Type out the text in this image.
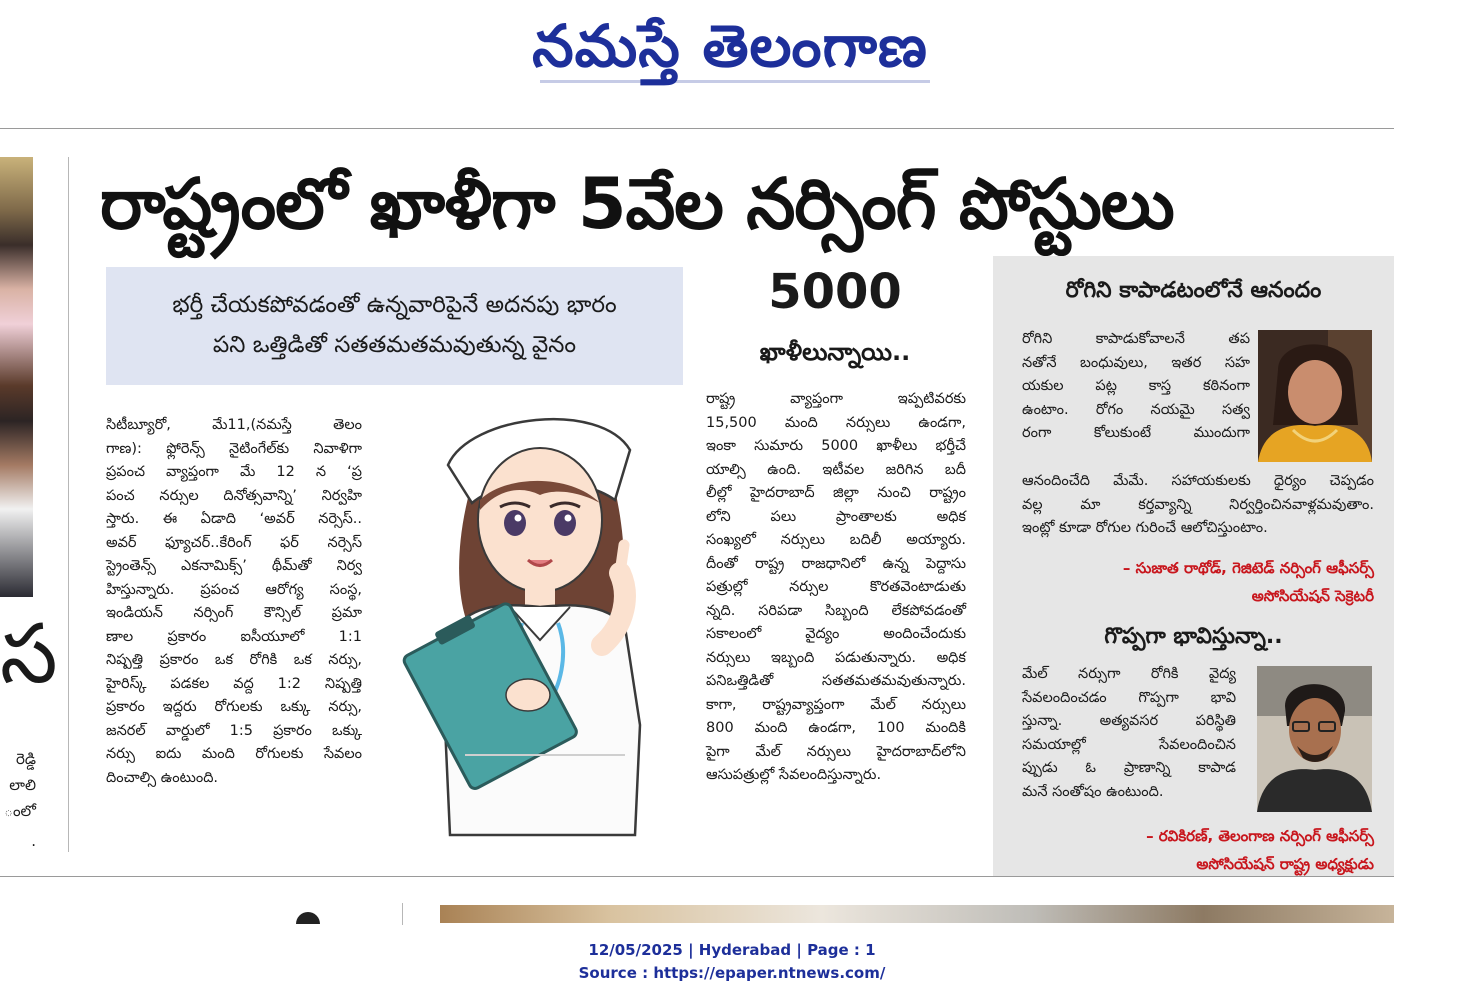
నమస్తే తెలంగాణ
స
రెడ్డి
లాలి
ంలో
.
రాష్ట్రంలో ఖాళీగా 5వేల నర్సింగ్ పోస్టులు
భర్తీ చేయకపోవడంతో ఉన్నవారిపైనే అదనపు భారం
పని ఒత్తిడితో సతతమతమవుతున్న వైనం
సిటీబ్యూరో, మే11,(నమస్తే తెలం
గాణ): ఫ్లోరెన్స్ నైటింగేల్‌కు నివాళిగా
ప్రపంచ వ్యాప్తంగా మే 12 న ‘ప్ర
పంచ నర్సుల దినోత్సవాన్ని’ నిర్వహి
స్తారు. ఈ ఏడాది ‘అవర్ నర్సెస్..
అవర్ ఫ్యూచర్..కేరింగ్ ఫర్ నర్సెస్
స్ట్రెంతెన్స్ ఎకనామిక్స్’ థీమ్‌తో నిర్వ
హిస్తున్నారు. ప్రపంచ ఆరోగ్య సంస్థ,
ఇండియన్ నర్సింగ్ కౌన్సిల్ ప్రమా
ణాల ప్రకారం ఐసీయూలో 1:1
నిష్పత్తి ప్రకారం ఒక రోగికి ఒక నర్సు,
హైరిస్క్ పడకల వద్ద 1:2 నిష్పత్తి
ప్రకారం ఇద్దరు రోగులకు ఒక్కు నర్సు,
జనరల్ వార్డులో 1:5 ప్రకారం ఒక్కు
నర్సు ఐదు మంది రోగులకు సేవలం
దించాల్సి ఉంటుంది.
5000
ఖాళీలున్నాయి..
రాష్ట్ర వ్యాప్తంగా ఇప్పటివరకు
15,500 మంది నర్సులు ఉండగా,
ఇంకా సుమారు 5000 ఖాళీలు భర్తీచే
యాల్సి ఉంది. ఇటీవల జరిగిన బదీ
లీల్లో హైదరాబాద్ జిల్లా నుంచి రాష్ట్రం
లోని పలు ప్రాంతాలకు అధిక
సంఖ్యలో నర్సులు బదిలీ అయ్యారు.
దీంతో రాష్ట్ర రాజధానిలో ఉన్న పెద్దాసు
పత్రుల్లో నర్సుల కొరతవెంటాడుతు
న్నది. సరిపడా సిబ్బంది లేకపోవడంతో
సకాలంలో వైద్యం అందించేందుకు
నర్సులు ఇబ్బంది పడుతున్నారు. అధిక
పనిఒత్తిడితో సతతమతమవుతున్నారు.
కాగా, రాష్ట్రవ్యాప్తంగా మేల్ నర్సులు
800 మంది ఉండగా, 100 మందికి
పైగా మేల్ నర్సులు హైదరాబాద్‌లోని
ఆసుపత్రుల్లో సేవలందిస్తున్నారు.
రోగిని కాపాడటంలోనే ఆనందం
రోగిని కాపాడుకోవాలనే తప
నతోనే బంధువులు, ఇతర సహ
యకుల పట్ల కాస్త కఠినంగా
ఉంటాం. రోగం నయమై సత్వ
రంగా కోలుకుంటే ముందుగా
ఆనందించేది మేమే. సహాయకులకు ధైర్యం చెప్పడం
వల్ల మా కర్తవ్యాన్ని నిర్వర్తించినవాళ్లమవుతాం.
ఇంట్లో కూడా రోగుల గురించే ఆలోచిస్తుంటాం.
– సుజాత రాథోడ్, గెజిటెడ్ నర్సింగ్ ఆఫీసర్స్
అసోసియేషన్ సెక్రెటరీ
గొప్పగా భావిస్తున్నా..
మేల్ నర్సుగా రోగికి వైద్య
సేవలందించడం గొప్పగా భావి
స్తున్నా. అత్యవసర పరిస్థితి
సమయాల్లో సేవలందించిన
ప్పుడు ఓ ప్రాణాన్ని కాపాడ
మనే సంతోషం ఉంటుంది.
– రవికిరణ్, తెలంగాణ నర్సింగ్ ఆఫీసర్స్
అసోసియేషన్ రాష్ట్ర అధ్యక్షుడు
12/05/2025 | Hyderabad | Page : 1
Source : https://epaper.ntnews.com/
